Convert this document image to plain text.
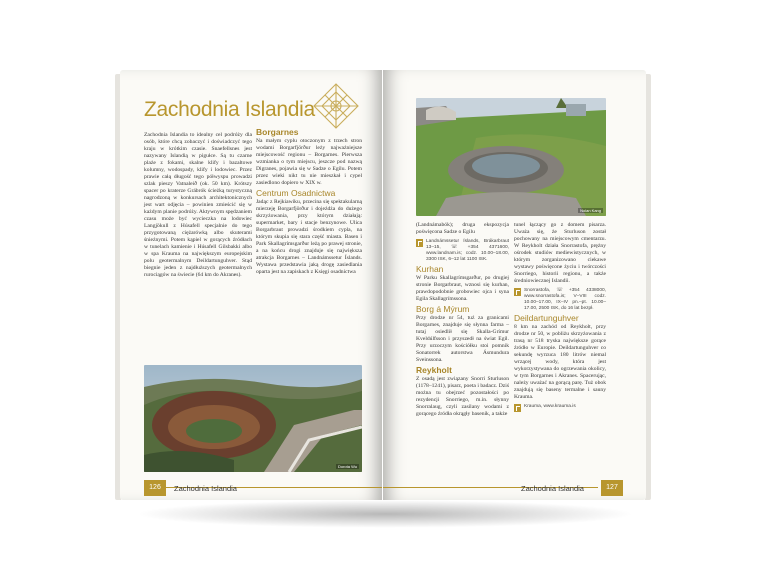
Zachodnia Islandia
Zachodnia Islandia to idealny cel podróży dla osób, które chcą zobaczyć i doświadczyć tego kraju w krótkim czasie. Snaefellsnes jest nazywany Islandią w pigułce. Są tu czarne plaże z fokami, skalne klify i bazaltowe kolumny, wodospady, klify i lodowiec. Przez prawie całą długość tego półwyspu prowadzi szlak pieszy Vatnaleið (ok. 50 km). Krótszy spacer po kraterze Grábrók ścieżką turystyczną nagrodzoną w konkursach architektonicznych jest wart odjęcia – powinien zmieścić się w każdym planie podróży. Aktywnym spędzaniem czasu może być wycieczka na lodowiec Langjökull z Húsafell specjalnie do tego przygotowaną ciężarówką albo skuterami śnieżnymi. Potem kąpiel w gorących źródłach w tunelach kamienie i Húsafell Gilsbakki albo w spa Krauma na największym europejskim polu geotermalnym Deildartunguhver. Stąd biegnie jeden z najdłuższych geotermalnych rurociągów na świecie (64 km do Akranes).
Borgarnes
Na małym cyplu otoczonym z trzech stron wodami Borgarfjörður leży najważniejsze miejscowość regionu – Borgarnes. Pierwsza wzmianka o tym miejscu, jeszcze pod nazwą Digranes, pojawia się w Sadze o Egilu. Potem przez wieki nikt tu nie mieszkał i cypel zasiedlono dopiero w XIX w.
Centrum Osadnictwa
Jadąc z Rejkiawiku, przecina się spektakularną mierzeję Borgarfjörður i dojeżdża do dużego skrzyżowania, przy którym działają: supermarket, bary i stacje benzynowe. Ulica Borgarbraut prowadzi środkiem cypla, na którym skupia się stara część miasta. Basen i Park Skallagrímsgarður leżą po prawej stronie, a na końcu drogi znajduje się największa atrakcja Borgarnes – Landnámssetur Íslands. Wystawa przedstawia jaką drogę zasiedlania oparta jest na zapiskach z Księgi osadnictwa
Dorota Wu
126	Zachodnia Islandia
Nolan Kang
(Landnámabók); druga ekspozycja poświęcona Sadze o Egilu
Landnámssetur Íslands, Brákarbraut 13–15, ☏ +354 4371600, www.landnam.is; codz. 10.00–18.00, 3300 ISK, 6–12 lat 1100 ISK.
Kurhan
W Parku Skallagrímsgarður, po drugiej stronie Borgarbraut, wznosi się kurhan, prawdopodobnie grobowiec ojca i syna Egila Skallagrímssona.
Borg á Mýrum
Przy drodze nr 54, tuż za granicami Borgarnes, znajduje się słynna farma – tutaj osiedlił się Skalla-Grímur Kveldúlfsson i przyszedł na świat Egil. Przy urzoczym kościółku stoi pomnik Sonatorrek autorstwa Ásmundura Sveinssona.
Reykholt
Z osadą jest związany Snorri Sturluson (1178–1241), pisarz, poeta i badacz. Dziś można tu obejrzeć pozostałości po rezydencji Snorriego, m.in. słynny Snorralaug, czyli zasilany wodami z gorącego źródła okrągły basenik, a także
tunel łączący go z domem pisarza. Uważa się, że Sturluson został pochowany na miejscowym cmentarzu. W Reykholt działa Snorrastofa, prężny ośrodek studiów mediewistycznych, w którym zorganizowano ciekawe wystawy poświęcone życiu i twórczości Snorriego, historii regionu, a także średniowiecznej Islandii.
Snorrastofa, ☏ +354 4338000, www.snorrastofa.is; V–VIII codz. 10.00–17.00, IX–IV pn.–pt. 10.00–17.00, 2500 ISK, do 16 lat bezpł.
Deildartunguhver
8 km na zachód od Reykholt, przy drodze nr 50, w pobliżu skrzyżowania z trasą nr 518 tryska największe gorące źródło w Europie. Deildartunguhver co sekundę wyrzuca 180 litrów niemal wrzącej wody, która jest wykorzystywana do ogrzewania okolicy, w tym Borgarnes i Akranes. Spacerując, należy uważać na gorącą parę. Tuż obok znajdują się baseny termalne i sauny Krauma.
Krauma, www.krauma.is
Zachodnia Islandia	127
